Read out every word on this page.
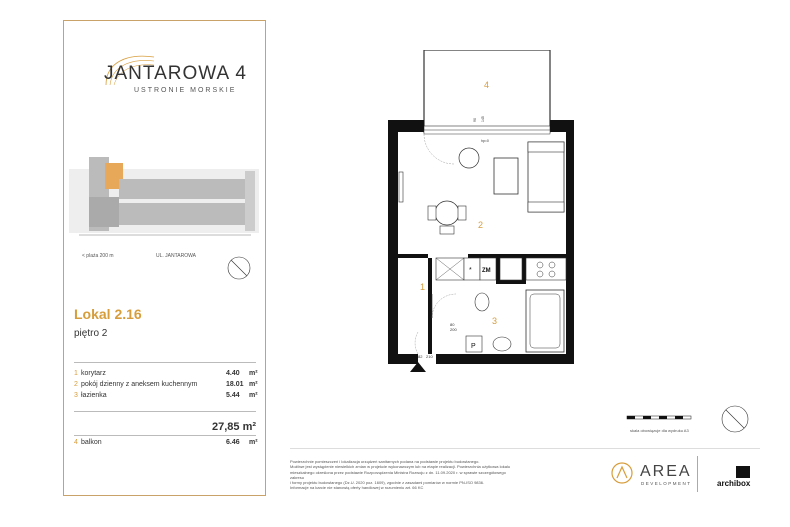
JANTAROWA 4
USTRONIE MORSKIE
< plaża 200 m	UL. JANTAROWA
Lokal 2.16
piętro 2
1 korytarz	4.40 m²
2 pokój dzienny z aneksem kuchennym	18.01 m²
3 łazienka	5.44 m²
27,85 m²
4 balkon	6.46 m²
4
2
1
3
* ZM
P
80
200
82 210
90 145
hp=0
skala obowiązuje dla wydruku A3
Powierzchnie pomieszczeń i lokalizacja urządzeń sanitarnych podana na podstawie projektu budowlanego.
Możliwe jest wystąpienie niewielkich zmian w projekcie wykonawczym lub na etapie realizacji. Powierzchnia użytkowa lokalu
mieszkalnego określona przez podstawie Rozporządzenia Ministra Rozwoju z dn. 11.09.2020 r. w sprawie szczegółowego zakresu
i formy projektu budowlanego (Dz.U. 2020 poz. 1609), zgodnie z zasadami pomiarów w normie PN-ISO 9836.
Informacje na karcie nie stanowią oferty handlowej w rozumieniu art. 66 KC
AREA
DEVELOPMENT	archibox
